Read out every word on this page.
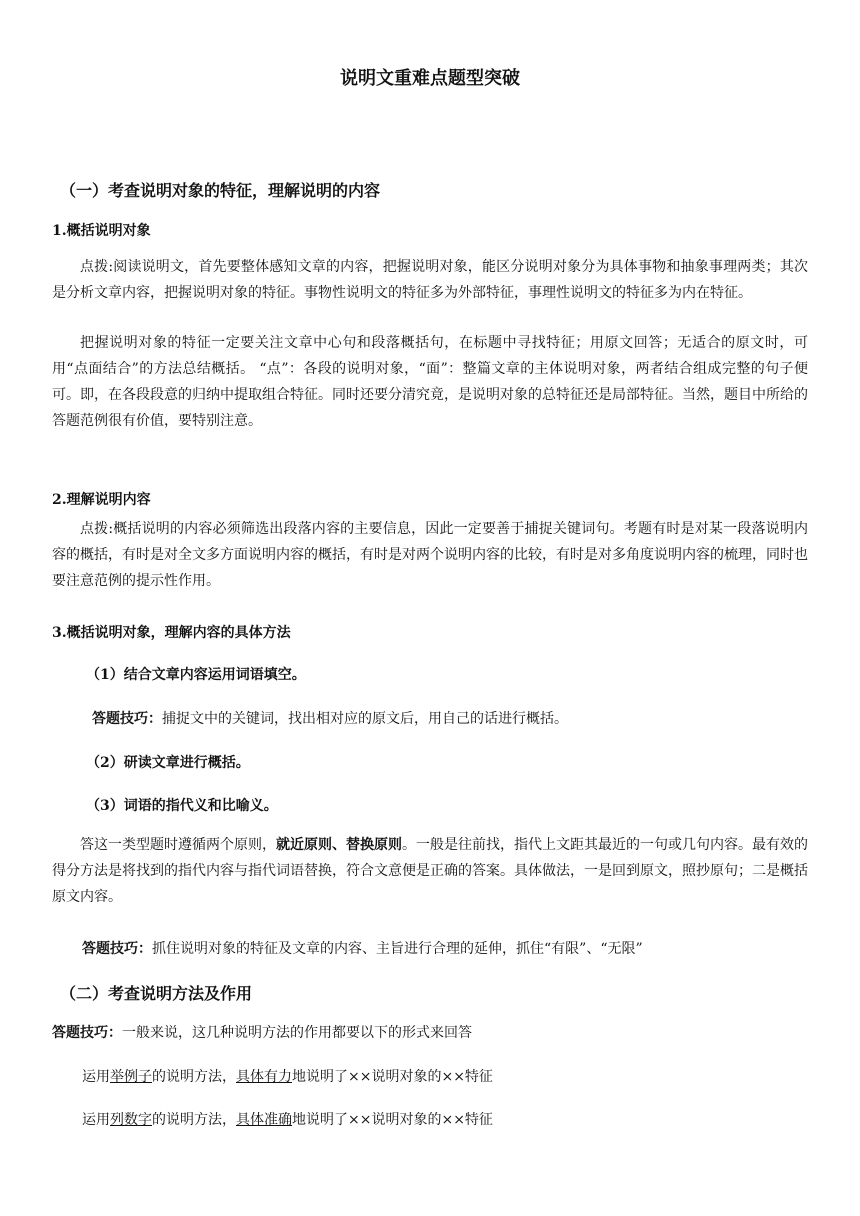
说明文重难点题型突破
（一）考查说明对象的特征，理解说明的内容
1.概括说明对象
点拨:阅读说明文，首先要整体感知文章的内容，把握说明对象，能区分说明对象分为具体事物和抽象事理两类；其次是分析文章内容，把握说明对象的特征。事物性说明文的特征多为外部特征，事理性说明文的特征多为内在特征。
把握说明对象的特征一定要关注文章中心句和段落概括句，在标题中寻找特征；用原文回答；无适合的原文时，可用“点面结合”的方法总结概括。 “点”：各段的说明对象，“面”：整篇文章的主体说明对象，两者结合组成完整的句子便可。即，在各段段意的归纳中提取组合特征。同时还要分清究竟，是说明对象的总特征还是局部特征。当然，题目中所给的答题范例很有价值，要特别注意。
2.理解说明内容
点拨:概括说明的内容必须筛选出段落内容的主要信息，因此一定要善于捕捉关键词句。考题有时是对某一段落说明内容的概括，有时是对全文多方面说明内容的概括，有时是对两个说明内容的比较，有时是对多角度说明内容的梳理，同时也要注意范例的提示性作用。
3.概括说明对象，理解内容的具体方法
（1）结合文章内容运用词语填空。
答题技巧：捕捉文中的关键词，找出相对应的原文后，用自己的话进行概括。
（2）研读文章进行概括。
（3）词语的指代义和比喻义。
答这一类型题时遵循两个原则，就近原则、替换原则。一般是往前找，指代上文距其最近的一句或几句内容。最有效的得分方法是将找到的指代内容与指代词语替换，符合文意便是正确的答案。具体做法，一是回到原文，照抄原句；二是概括原文内容。
答题技巧：抓住说明对象的特征及文章的内容、主旨进行合理的延伸，抓住“有限”、“无限”
（二）考查说明方法及作用
答题技巧：一般来说，这几种说明方法的作用都要以下的形式来回答
运用举例子的说明方法，具体有力地说明了××说明对象的××特征
运用列数字的说明方法，具体准确地说明了××说明对象的××特征
